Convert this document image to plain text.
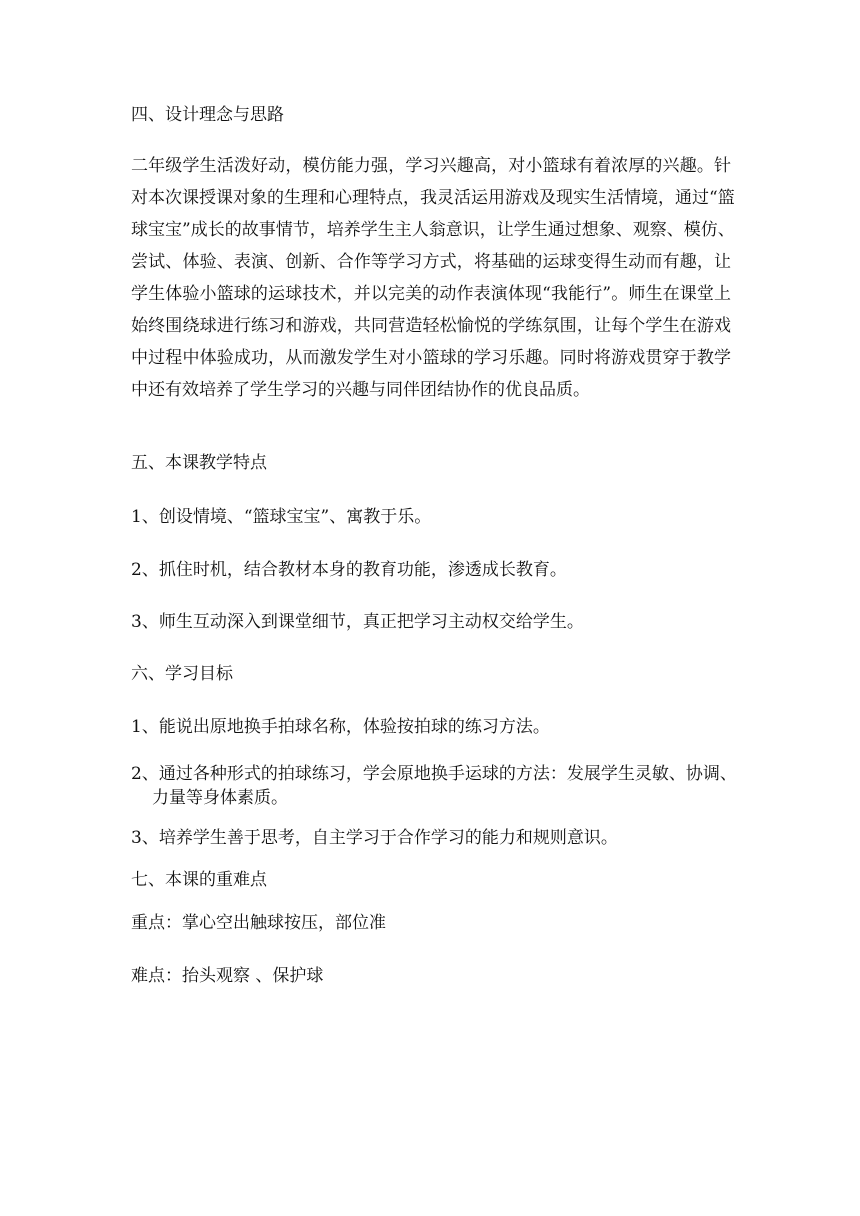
四、设计理念与思路
二年级学生活泼好动，模仿能力强，学习兴趣高，对小篮球有着浓厚的兴趣。针
对本次课授课对象的生理和心理特点，我灵活运用游戏及现实生活情境，通过“篮
球宝宝”成长的故事情节，培养学生主人翁意识，让学生通过想象、观察、模仿、
尝试、体验、表演、创新、合作等学习方式，将基础的运球变得生动而有趣，让
学生体验小篮球的运球技术，并以完美的动作表演体现“我能行”。师生在课堂上
始终围绕球进行练习和游戏，共同营造轻松愉悦的学练氛围，让每个学生在游戏
中过程中体验成功，从而激发学生对小篮球的学习乐趣。同时将游戏贯穿于教学
中还有效培养了学生学习的兴趣与同伴团结协作的优良品质。
五、本课教学特点
1、创设情境、“篮球宝宝”、寓教于乐。
2、抓住时机，结合教材本身的教育功能，渗透成长教育。
3、师生互动深入到课堂细节，真正把学习主动权交给学生。
六、学习目标
1、能说出原地换手拍球名称，体验按拍球的练习方法。
2、通过各种形式的拍球练习，学会原地换手运球的方法：发展学生灵敏、协调、
力量等身体素质。
3、培养学生善于思考，自主学习于合作学习的能力和规则意识。
七、本课的重难点
重点：掌心空出触球按压，部位准
难点：抬头观察 、保护球
